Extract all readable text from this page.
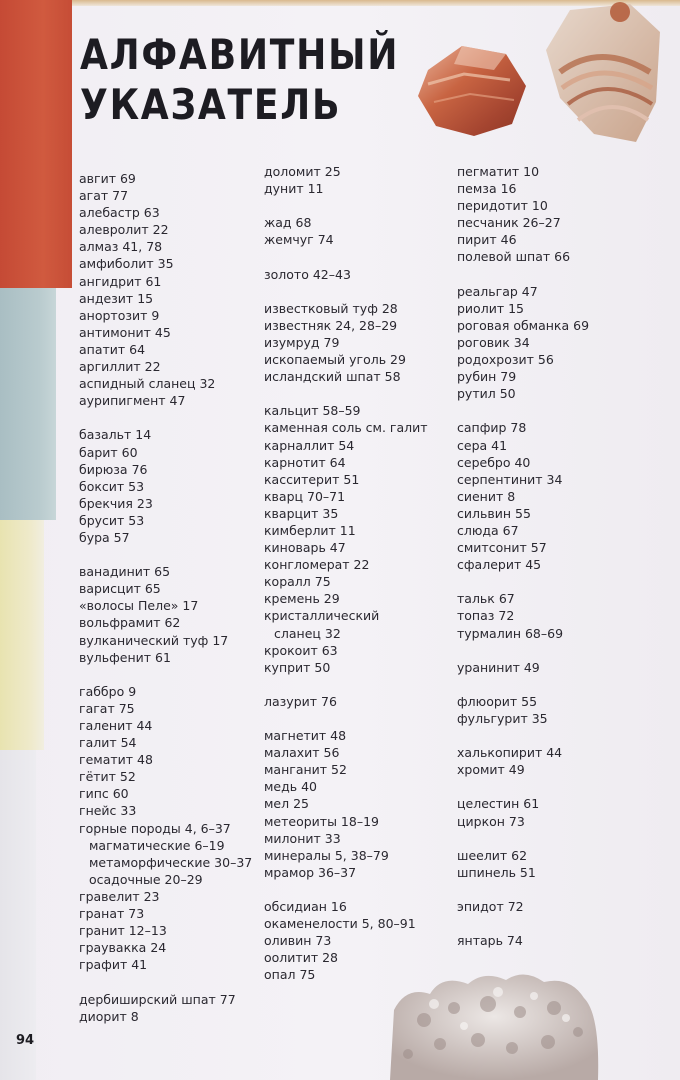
АЛФАВИТНЫЙ
УКАЗАТЕЛЬ
авгит 69
агат 77
алебастр 63
алевролит 22
алмаз 41, 78
амфиболит 35
ангидрит 61
андезит 15
анортозит 9
антимонит 45
апатит 64
аргиллит 22
аспидный сланец 32
аурипигмент 47
базальт 14
барит 60
бирюза 76
боксит 53
брекчия 23
брусит 53
бура 57
ванадинит 65
варисцит 65
«волосы Пеле» 17
вольфрамит 62
вулканический туф 17
вульфенит 61
габбро 9
гагат 75
галенит 44
галит 54
гематит 48
гётит 52
гипс 60
гнейс 33
горные породы 4, 6–37
магматические 6–19
метаморфические 30–37
осадочные 20–29
гравелит 23
гранат 73
гранит 12–13
граувакка 24
графит 41
дербиширский шпат 77
диорит 8
доломит 25
дунит 11
жад 68
жемчуг 74
золото 42–43
известковый туф 28
известняк 24, 28–29
изумруд 79
ископаемый уголь 29
исландский шпат 58
кальцит 58–59
каменная соль см. галит
карналлит 54
карнотит 64
касситерит 51
кварц 70–71
кварцит 35
кимберлит 11
киноварь 47
конгломерат 22
коралл 75
кремень 29
кристаллический
сланец 32
крокоит 63
куприт 50
лазурит 76
магнетит 48
малахит 56
манганит 52
медь 40
мел 25
метеориты 18–19
милонит 33
минералы 5, 38–79
мрамор 36–37
обсидиан 16
окаменелости 5, 80–91
оливин 73
оолитит 28
опал 75
пегматит 10
пемза 16
перидотит 10
песчаник 26–27
пирит 46
полевой шпат 66
реальгар 47
риолит 15
роговая обманка 69
роговик 34
родохрозит 56
рубин 79
рутил 50
сапфир 78
сера 41
серебро 40
серпентинит 34
сиенит 8
сильвин 55
слюда 67
смитсонит 57
сфалерит 45
тальк 67
топаз 72
турмалин 68–69
уранинит 49
флюорит 55
фульгурит 35
халькопирит 44
хромит 49
целестин 61
циркон 73
шеелит 62
шпинель 51
эпидот 72
янтарь 74
94
